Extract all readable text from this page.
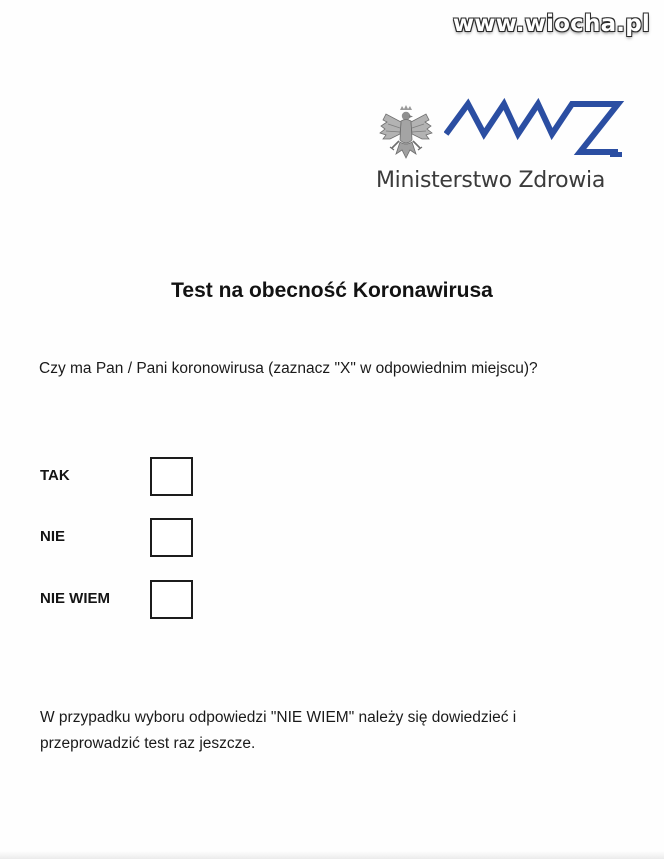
www.wiocha.pl
Ministerstwo Zdrowia
Test na obecność Koronawirusa
Czy ma Pan / Pani koronowirusa (zaznacz "X" w odpowiednim miejscu)?
TAK
NIE
NIE WIEM

W przypadku wyboru odpowiedzi "NIE WIEM" należy się dowiedzieć i

przeprowadzić test raz jeszcze.
